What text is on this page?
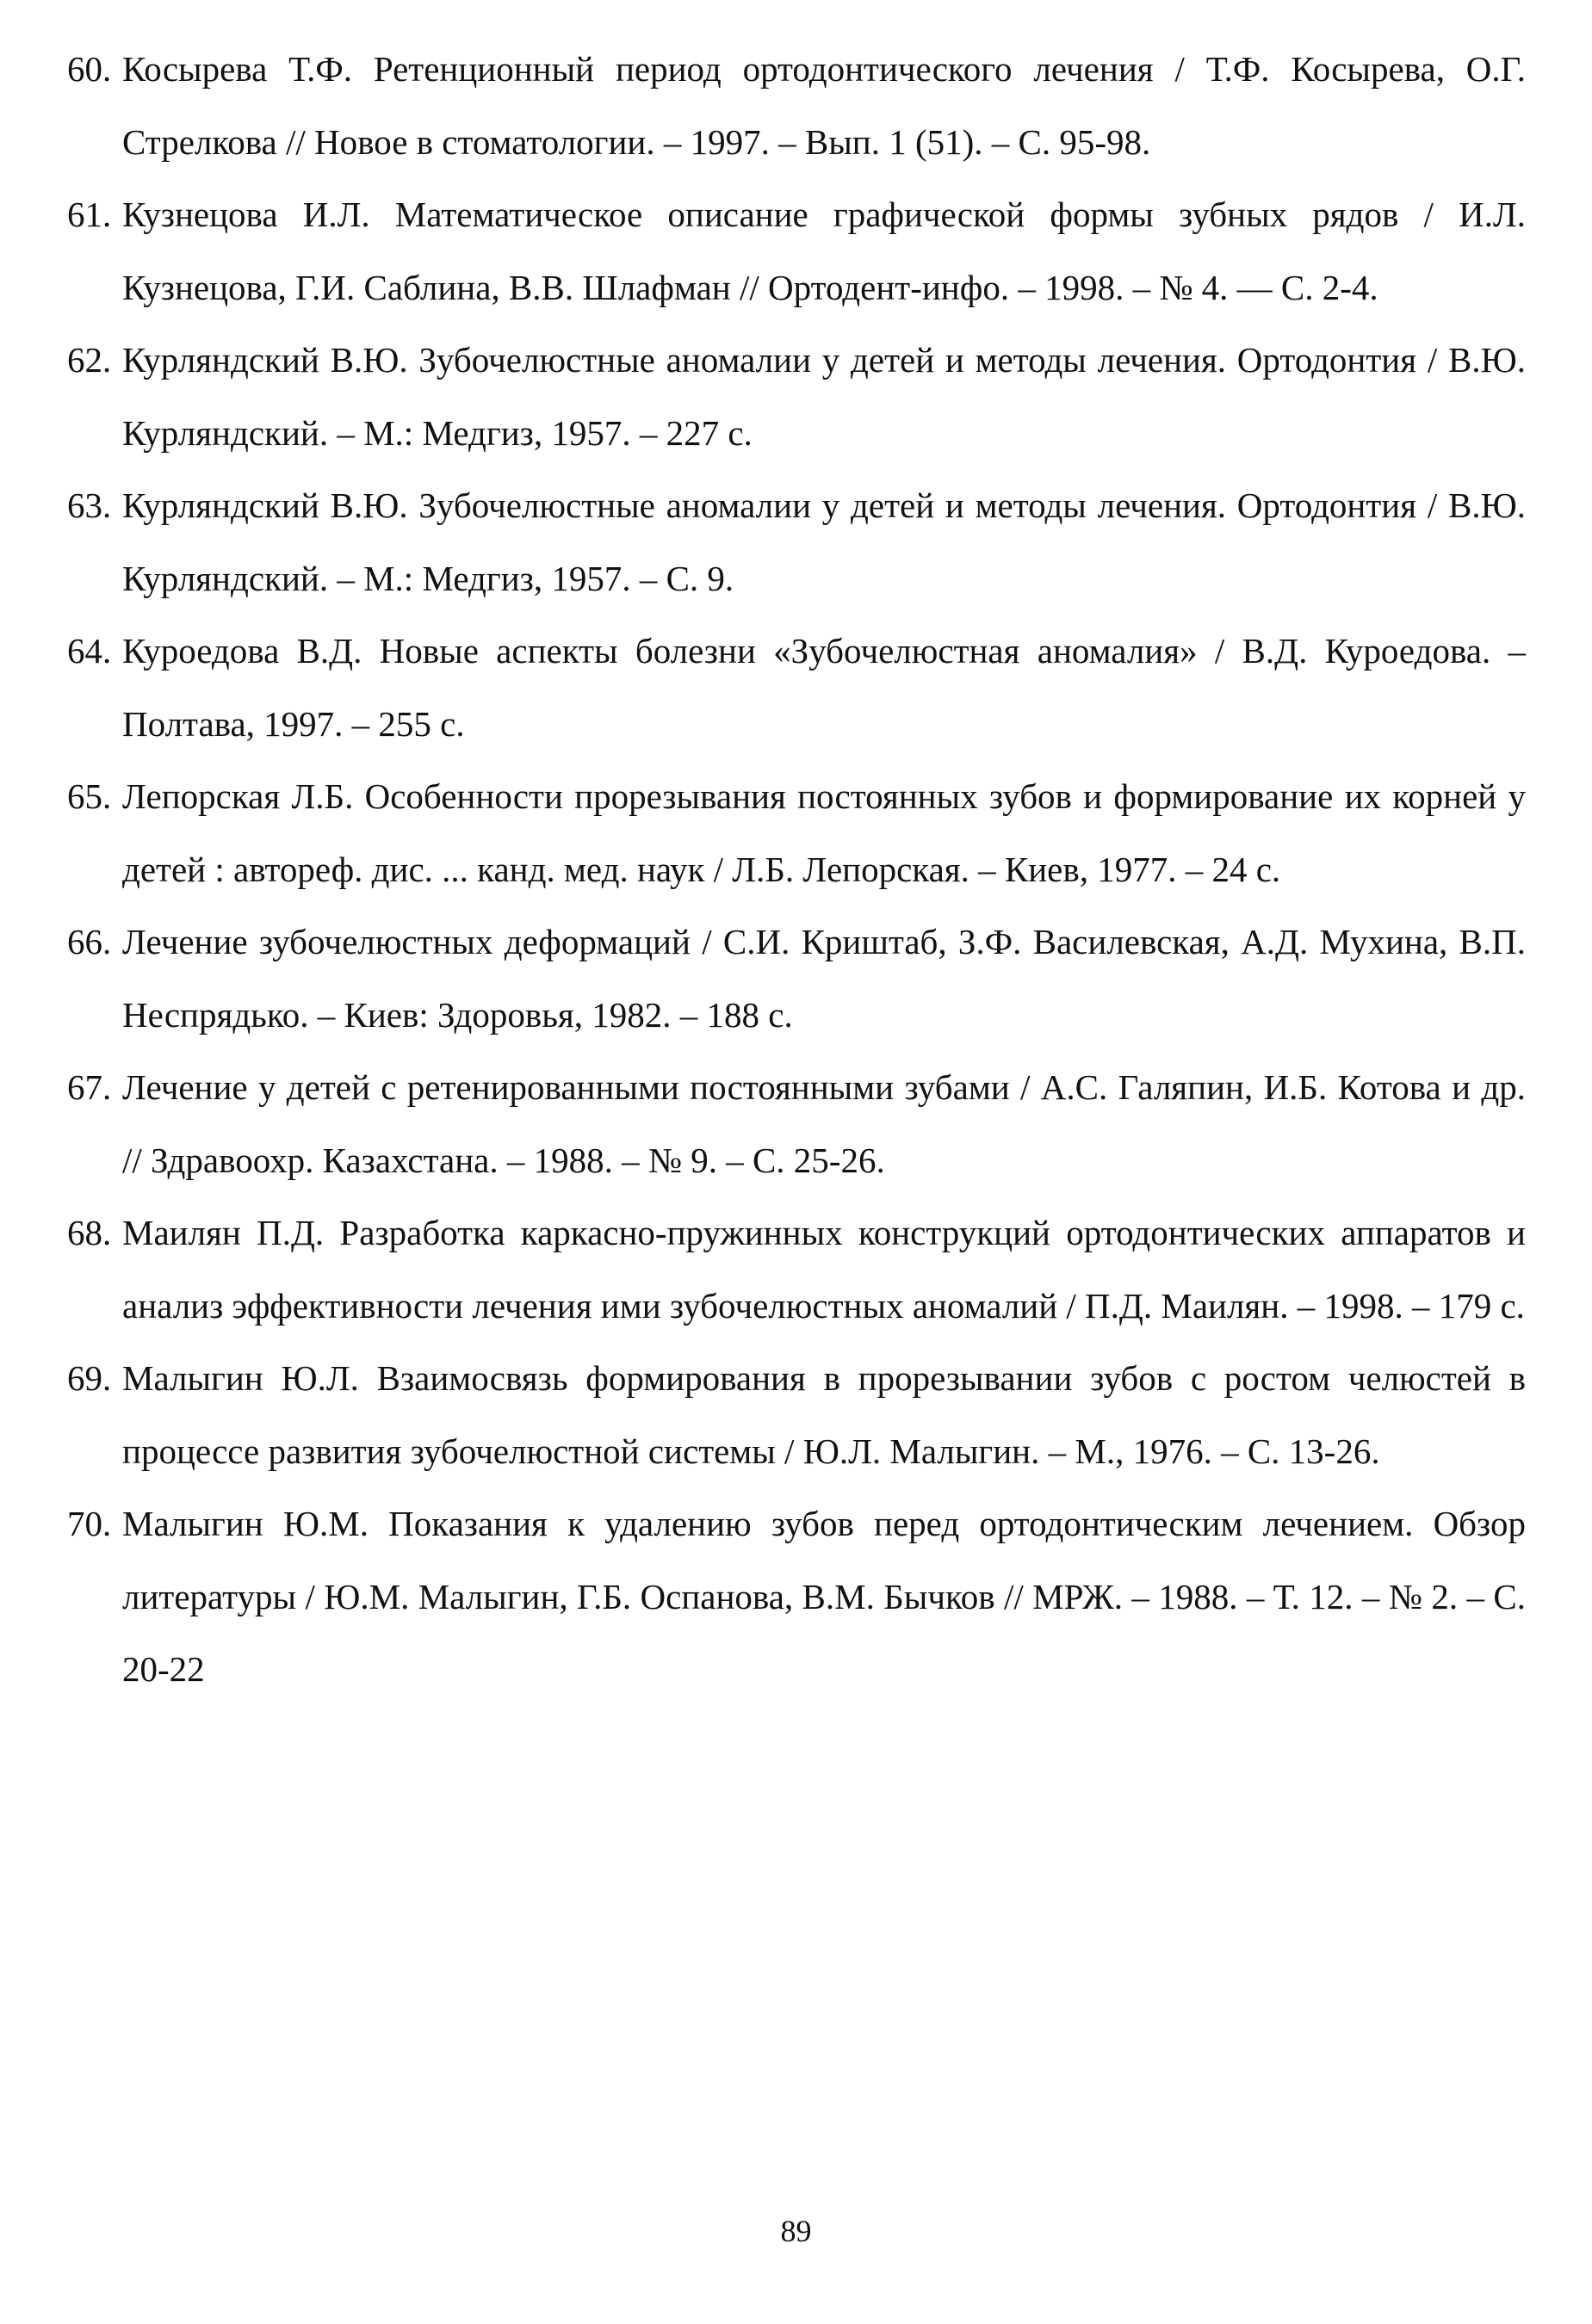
60. Косырева Т.Ф. Ретенционный период ортодонтического лечения / Т.Ф. Косырева, О.Г. Стрелкова // Новое в стоматологии. – 1997. – Вып. 1 (51). – С. 95-98.
61. Кузнецова И.Л. Математическое описание графической формы зубных рядов / И.Л. Кузнецова, Г.И. Саблина, В.В. Шлафман // Ортодент-инфо. – 1998. – № 4. — С. 2-4.
62. Курляндский В.Ю. Зубочелюстные аномалии у детей и методы лечения. Ортодонтия / В.Ю. Курляндский. – М.: Медгиз, 1957. – 227 с.
63. Курляндский В.Ю. Зубочелюстные аномалии у детей и методы лечения. Ортодонтия / В.Ю. Курляндский. – М.: Медгиз, 1957. – С. 9.
64. Куроедова В.Д. Новые аспекты болезни «Зубочелюстная аномалия» / В.Д. Куроедова. – Полтава, 1997. – 255 с.
65. Лепорская Л.Б. Особенности прорезывания постоянных зубов и формирование их корней у детей : автореф. дис. ... канд. мед. наук / Л.Б. Лепорская. – Киев, 1977. – 24 с.
66. Лечение зубочелюстных деформаций / С.И. Криштаб, З.Ф. Василевская, А.Д. Мухина, В.П. Неспрядько. – Киев: Здоровья, 1982. – 188 с.
67. Лечение у детей с ретенированными постоянными зубами / А.С. Галяпин, И.Б. Котова и др. // Здравоохр. Казахстана. – 1988. – № 9. – С. 25-26.
68. Маилян П.Д. Разработка каркасно-пружинных конструкций ортодонтических аппаратов и анализ эффективности лечения ими зубочелюстных аномалий / П.Д. Маилян. – 1998. – 179 с.
69. Малыгин Ю.Л. Взаимосвязь формирования в прорезывании зубов с ростом челюстей в процессе развития зубочелюстной системы / Ю.Л. Малыгин. – М., 1976. – С. 13-26.
70. Малыгин Ю.М. Показания к удалению зубов перед ортодонтическим лечением. Обзор литературы / Ю.М. Малыгин, Г.Б. Оспанова, В.М. Бычков // МРЖ. – 1988. – Т. 12. – № 2. – С. 20-22
89
